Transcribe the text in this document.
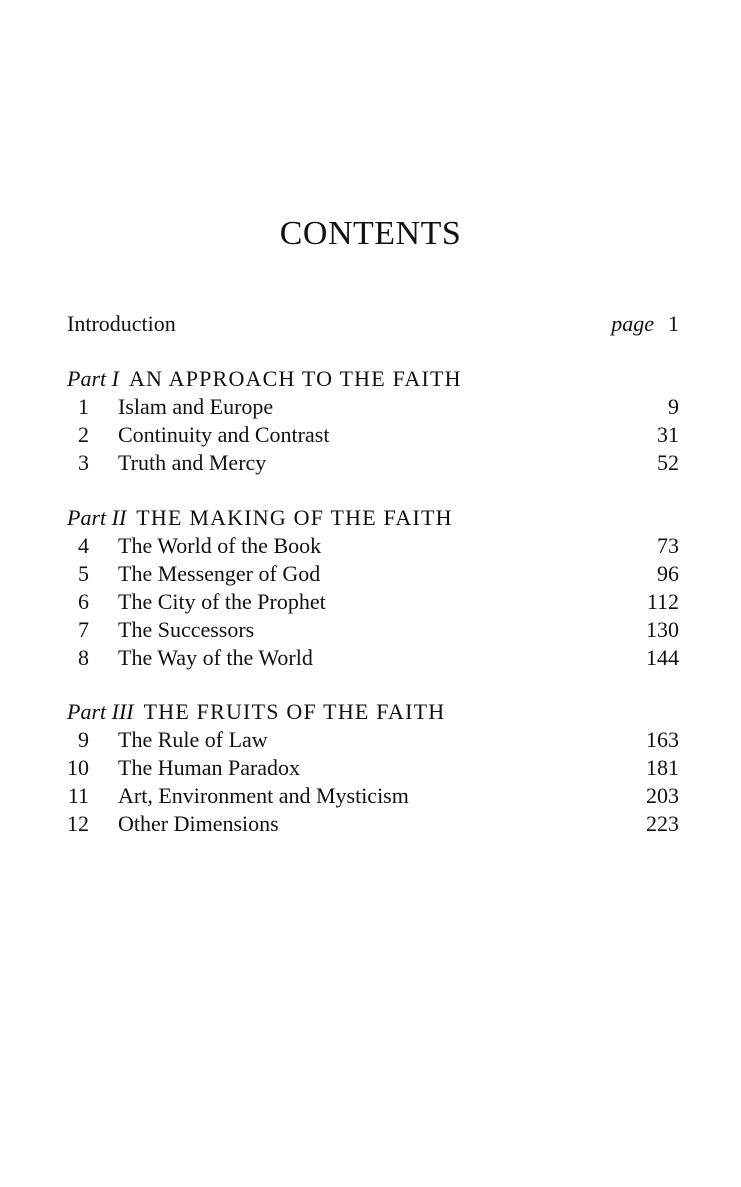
CONTENTS
Introduction	page 1
Part I AN APPROACH TO THE FAITH
1 Islam and Europe	9
2 Continuity and Contrast	31
3 Truth and Mercy	52
Part II THE MAKING OF THE FAITH
4 The World of the Book	73
5 The Messenger of God	96
6 The City of the Prophet	112
7 The Successors	130
8 The Way of the World	144
Part III THE FRUITS OF THE FAITH
9 The Rule of Law	163
10 The Human Paradox	181
11 Art, Environment and Mysticism	203
12 Other Dimensions	223
